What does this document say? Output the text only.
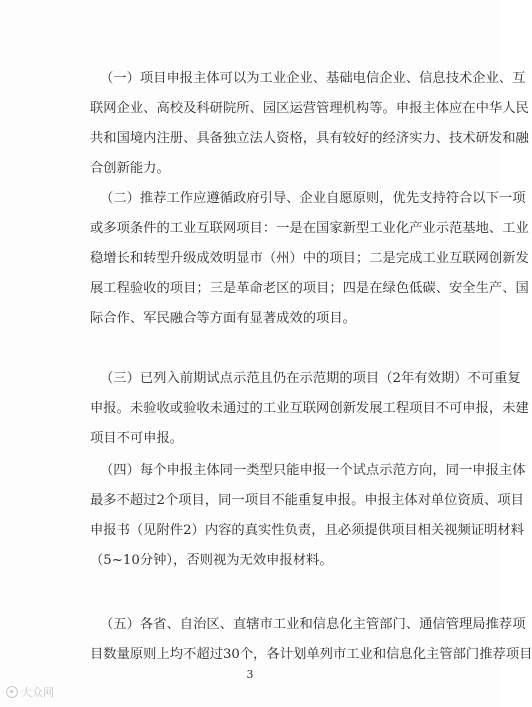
（一）项目申报主体可以为工业企业、基础电信企业、信息技术企业、互
联网企业、高校及科研院所、园区运营管理机构等。申报主体应在中华人民
共和国境内注册、具备独立法人资格，具有较好的经济实力、技术研发和融
合创新能力。
（二）推荐工作应遵循政府引导、企业自愿原则，优先支持符合以下一项
或多项条件的工业互联网项目：一是在国家新型工业化产业示范基地、工业
稳增长和转型升级成效明显市（州）中的项目；二是完成工业互联网创新发
展工程验收的项目；三是革命老区的项目；四是在绿色低碳、安全生产、国
际合作、军民融合等方面有显著成效的项目。
（三）已列入前期试点示范且仍在示范期的项目（2年有效期）不可重复
申报。未验收或验收未通过的工业互联网创新发展工程项目不可申报，未建
项目不可申报。
（四）每个申报主体同一类型只能申报一个试点示范方向，同一申报主体
最多不超过2个项目，同一项目不能重复申报。申报主体对单位资质、项目
申报书（见附件2）内容的真实性负责，且必须提供项目相关视频证明材料
（5~10分钟），否则视为无效申报材料。
（五）各省、自治区、直辖市工业和信息化主管部门、通信管理局推荐项
目数量原则上均不超过30个，各计划单列市工业和信息化主管部门推荐项目
3
大众网
